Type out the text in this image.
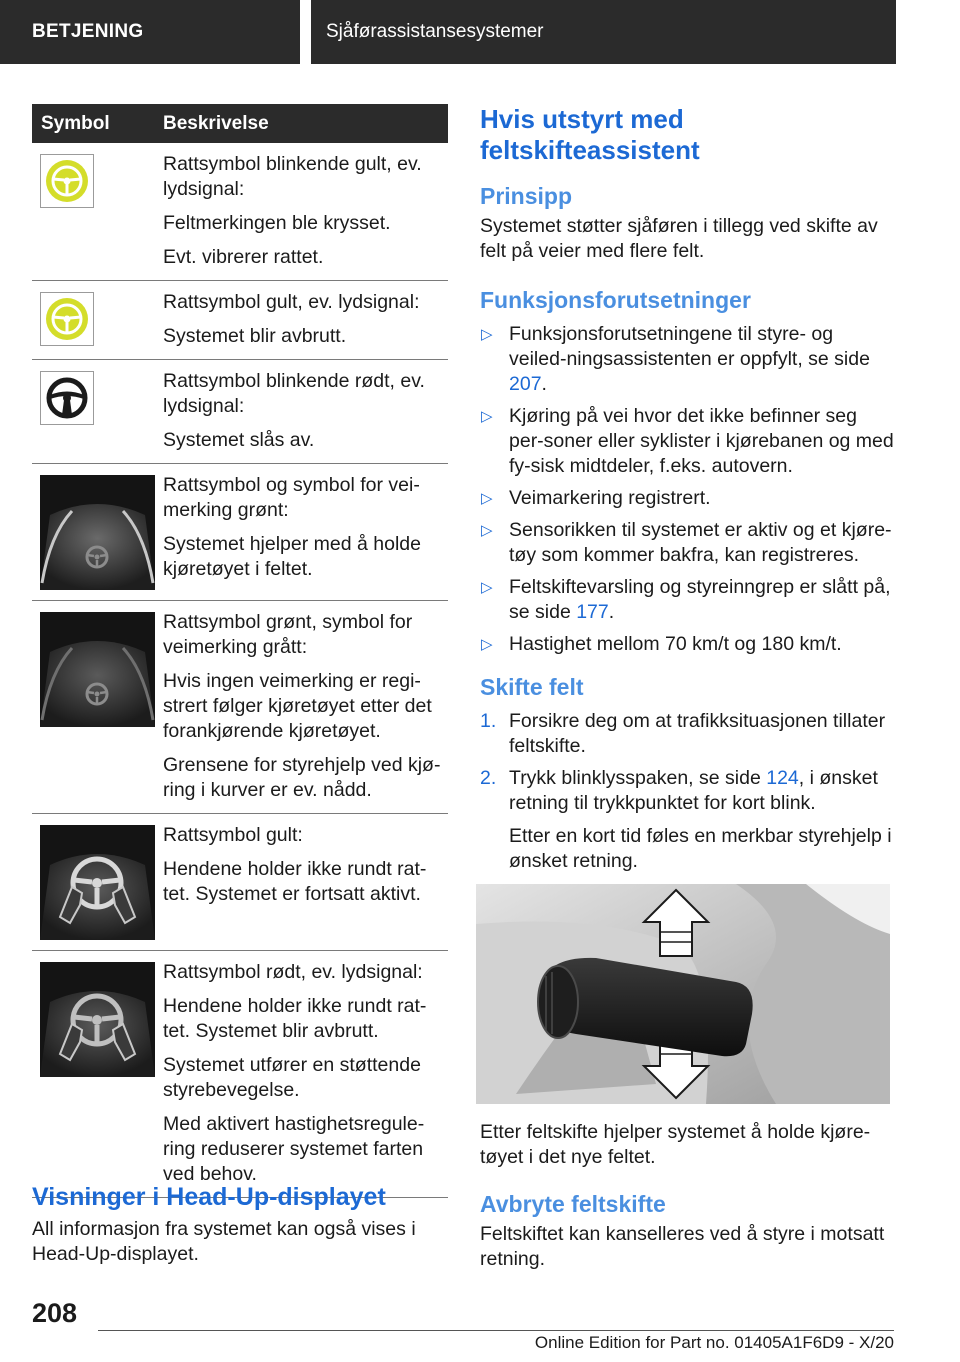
BETJENING	Sjåførassistansesystemer
Symbol	Beskrivelse

Rattsymbol blinkende gult, ev. lydsignal:

Feltmerkingen ble krysset.

Evt. vibrerer rattet.

Rattsymbol gult, ev. lydsignal:

Systemet blir avbrutt.

Rattsymbol blinkende rødt, ev. lydsignal:

Systemet slås av.

Rattsymbol og symbol for vei-merking grønt:

Systemet hjelper med å holde kjøretøyet i feltet.

Rattsymbol grønt, symbol for veimerking grått:

Hvis ingen veimerking er regi-strert følger kjøretøyet etter det forankjørende kjøretøyet.

Grensene for styrehjelp ved kjø-ring i kurver er ev. nådd.

Rattsymbol gult:

Hendene holder ikke rundt rat-tet. Systemet er fortsatt aktivt.

Rattsymbol rødt, ev. lydsignal:

Hendene holder ikke rundt rat-tet. Systemet blir avbrutt.

Systemet utfører en støttende styrebevegelse.

Med aktivert hastighetsregule-ring reduserer systemet farten ved behov.

Visninger i Head-Up-displayet

All informasjon fra systemet kan også vises i Head-Up-displayet.

Hvis utstyrt med feltskifteassistent
Prinsipp

Systemet støtter sjåføren i tillegg ved skifte av felt på veier med flere felt.

Funksjonsforutsetninger
▷ Funksjonsforutsetningene til styre- og veiled-ningsassistenten er oppfylt, se side 207.
▷ Kjøring på vei hvor det ikke befinner seg per-soner eller syklister i kjørebanen og med fy-sisk midtdeler, f.eks. autovern.
▷ Veimarkering registrert.
▷ Sensorikken til systemet er aktiv og et kjøre-tøy som kommer bakfra, kan registreres.
▷ Feltskiftevarsling og styreinngrep er slått på, se side 177.
▷ Hastighet mellom 70 km/t og 180 km/t.
Skifte felt
1. Forsikre deg om at trafikksituasjonen tillater feltskifte.
2. Trykk blinklysspaken, se side 124, i ønsket retning til trykkpunktet for kort blink.
Etter en kort tid føles en merkbar styrehjelp i ønsket retning.

Etter feltskifte hjelper systemet å holde kjøre-tøyet i det nye feltet.

Avbryte feltskifte

Feltskiftet kan kanselleres ved å styre i motsatt retning.

208
Online Edition for Part no. 01405A1F6D9 - X/20
